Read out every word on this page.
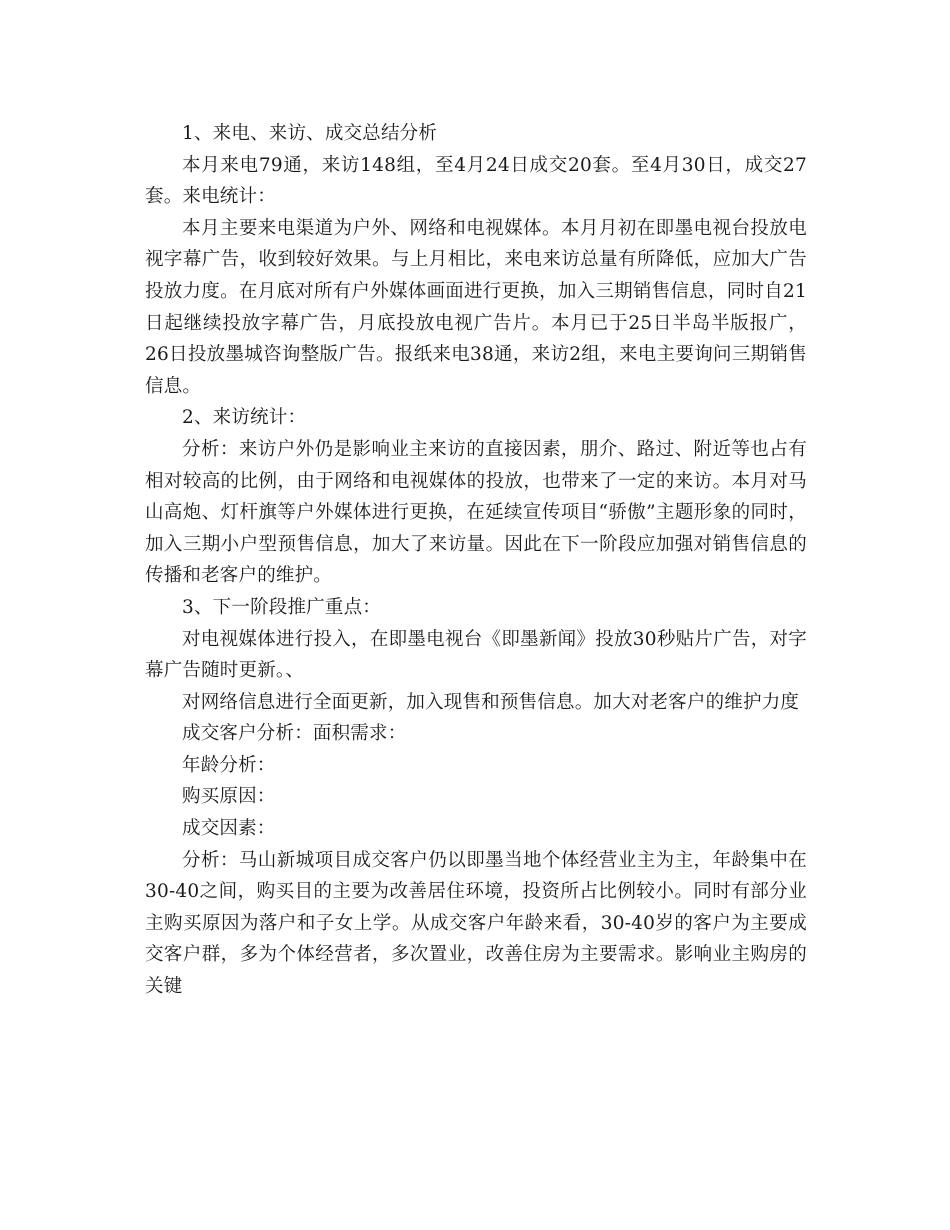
1、来电、来访、成交总结分析

本月来电79通，来访148组，至4月24日成交20套。至4月30日，成交27套。来电统计：

本月主要来电渠道为户外、网络和电视媒体。本月月初在即墨电视台投放电视字幕广告，收到较好效果。与上月相比，来电来访总量有所降低，应加大广告投放力度。在月底对所有户外媒体画面进行更换，加入三期销售信息，同时自21日起继续投放字幕广告，月底投放电视广告片。本月已于25日半岛半版报广，26日投放墨城咨询整版广告。报纸来电38通，来访2组，来电主要询问三期销售信息。

2、来访统计：

分析：来访户外仍是影响业主来访的直接因素，朋介、路过、附近等也占有相对较高的比例，由于网络和电视媒体的投放，也带来了一定的来访。本月对马山高炮、灯杆旗等户外媒体进行更换，在延续宣传项目“骄傲”主题形象的同时，加入三期小户型预售信息，加大了来访量。因此在下一阶段应加强对销售信息的传播和老客户的维护。

3、下一阶段推广重点：

对电视媒体进行投入，在即墨电视台《即墨新闻》投放30秒贴片广告，对字幕广告随时更新。、

对网络信息进行全面更新，加入现售和预售信息。加大对老客户的维护力度

成交客户分析：面积需求：

年龄分析：

购买原因：

成交因素：

分析：马山新城项目成交客户仍以即墨当地个体经营业主为主，年龄集中在30-40之间，购买目的主要为改善居住环境，投资所占比例较小。同时有部分业主购买原因为落户和子女上学。从成交客户年龄来看，30-40岁的客户为主要成交客户群，多为个体经营者，多次置业，改善住房为主要需求。影响业主购房的关键
